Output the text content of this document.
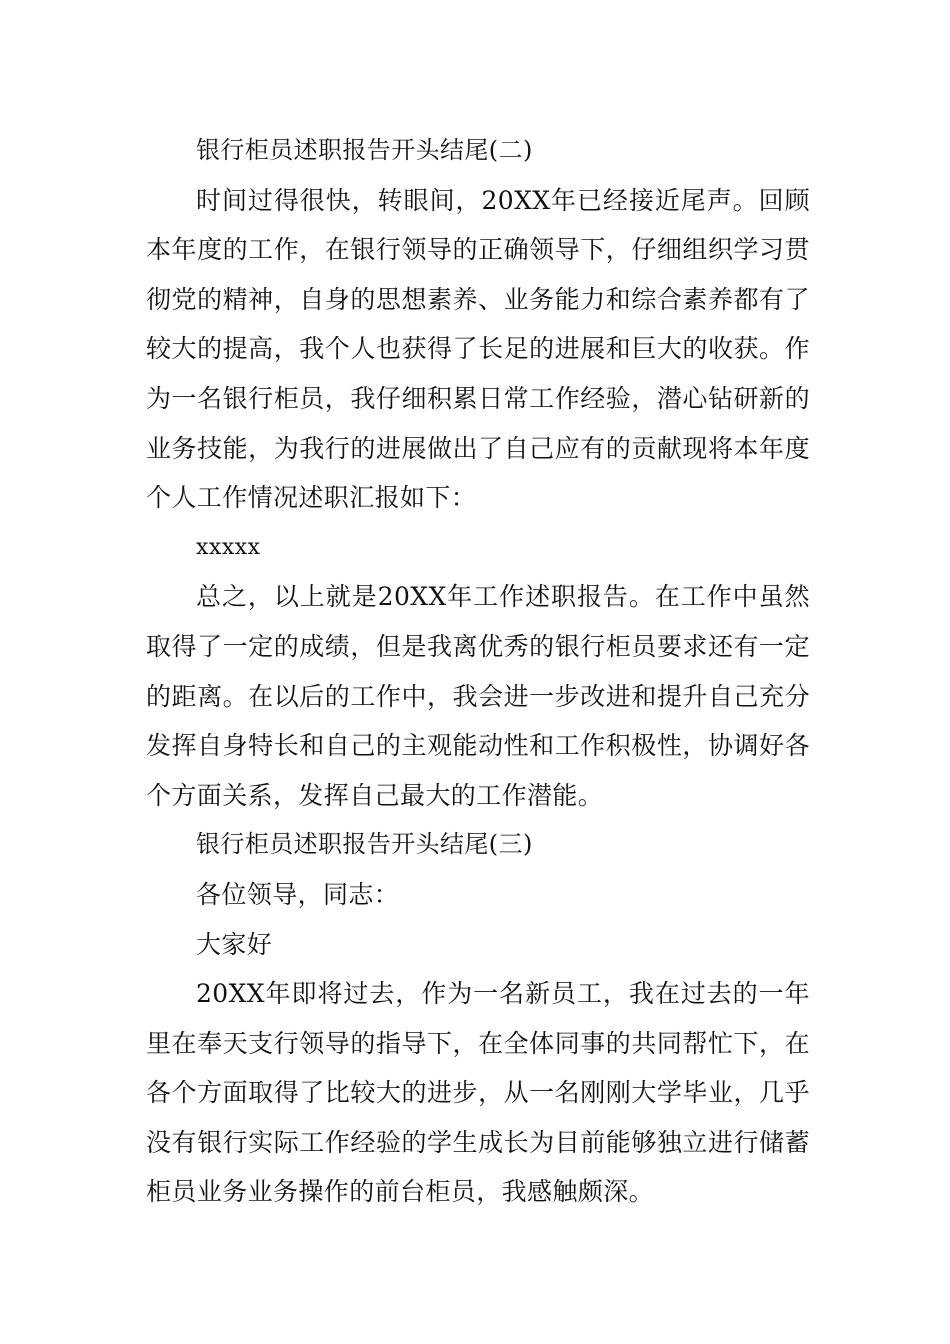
银行柜员述职报告开头结尾(二)

时间过得很快，转眼间，20XX年已经接近尾声。回顾本年度的工作，在银行领导的正确领导下，仔细组织学习贯彻党的精神，自身的思想素养、业务能力和综合素养都有了较大的提高，我个人也获得了长足的进展和巨大的收获。作为一名银行柜员，我仔细积累日常工作经验，潜心钻研新的业务技能，为我行的进展做出了自己应有的贡献现将本年度个人工作情况述职汇报如下：

xxxxx

总之，以上就是20XX年工作述职报告。在工作中虽然取得了一定的成绩，但是我离优秀的银行柜员要求还有一定的距离。在以后的工作中，我会进一步改进和提升自己充分发挥自身特长和自己的主观能动性和工作积极性，协调好各个方面关系，发挥自己最大的工作潜能。

银行柜员述职报告开头结尾(三)

各位领导，同志：

大家好

20XX年即将过去，作为一名新员工，我在过去的一年里在奉天支行领导的指导下，在全体同事的共同帮忙下，在各个方面取得了比较大的进步，从一名刚刚大学毕业，几乎没有银行实际工作经验的学生成长为目前能够独立进行储蓄柜员业务业务操作的前台柜员，我感触颇深。
